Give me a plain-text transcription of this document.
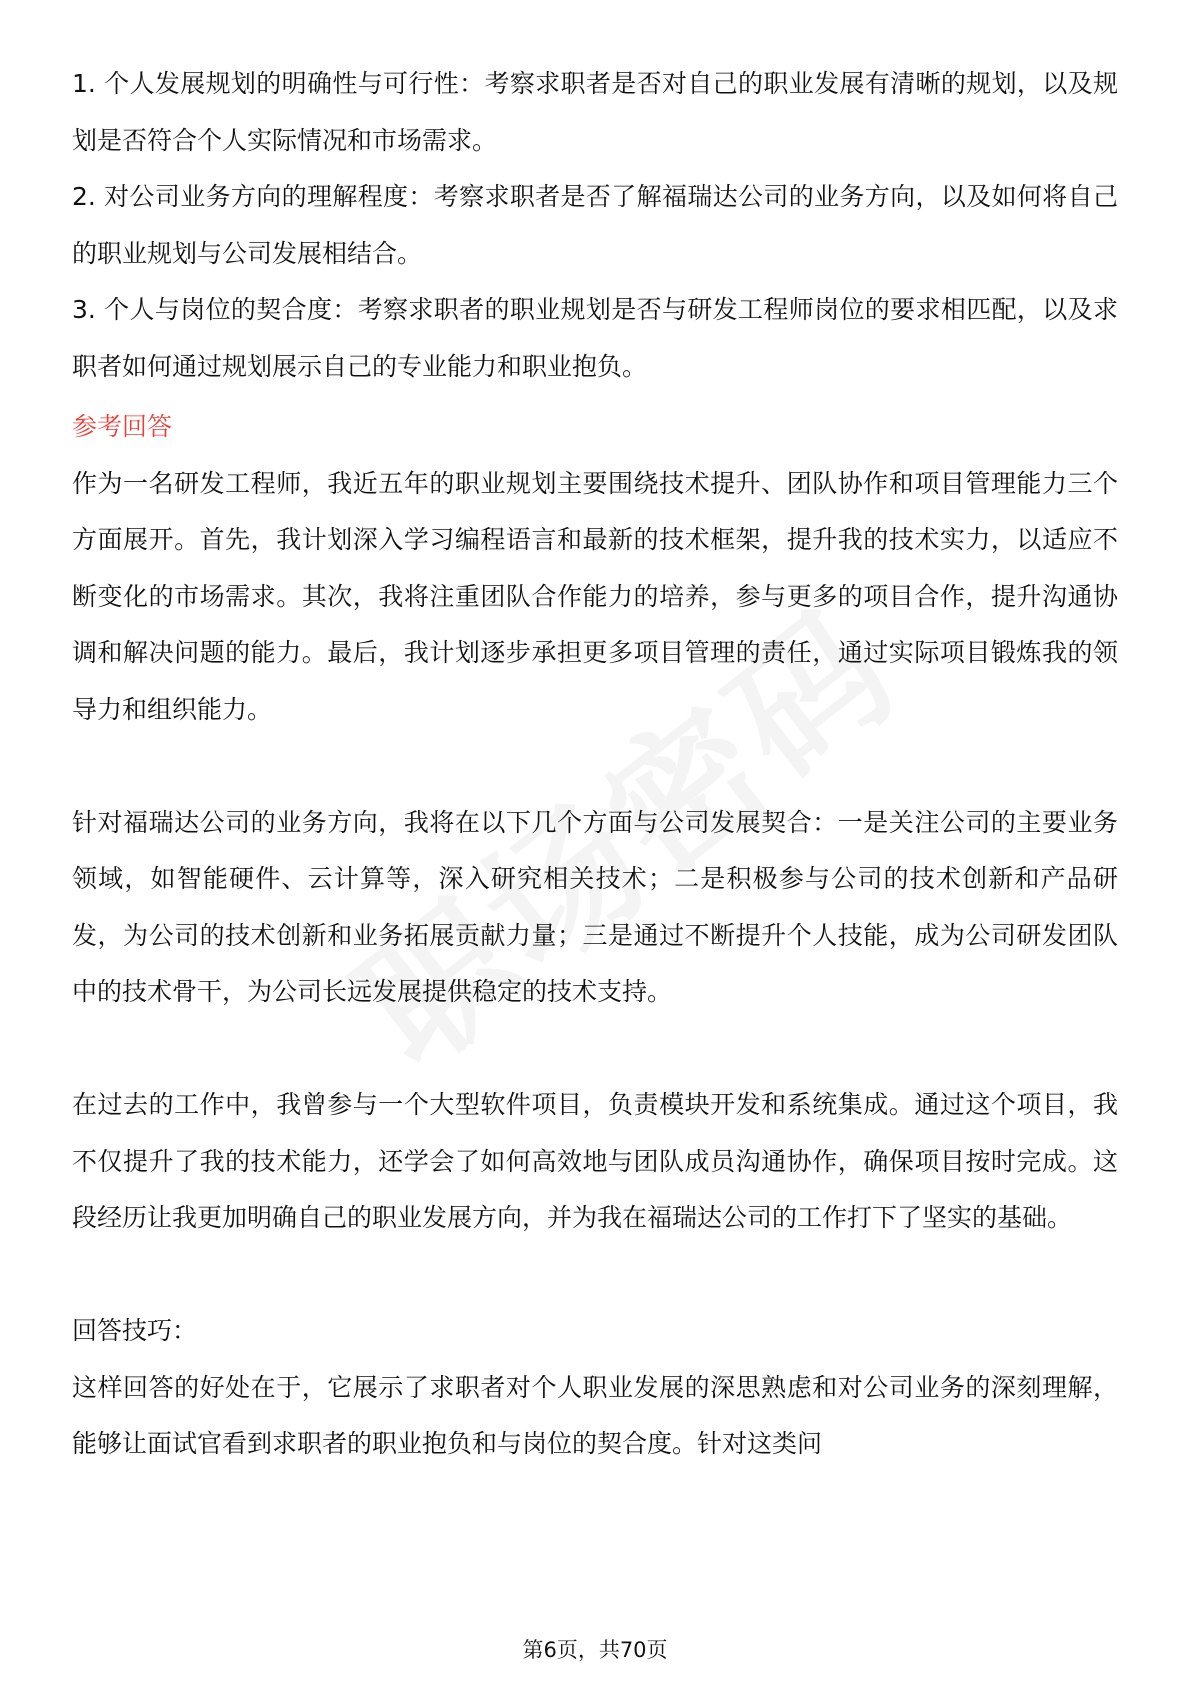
1. 个人发展规划的明确性与可行性：考察求职者是否对自己的职业发展有清晰的规划，以及规划是否符合个人实际情况和市场需求。

2. 对公司业务方向的理解程度：考察求职者是否了解福瑞达公司的业务方向，以及如何将自己的职业规划与公司发展相结合。

3. 个人与岗位的契合度：考察求职者的职业规划是否与研发工程师岗位的要求相匹配，以及求职者如何通过规划展示自己的专业能力和职业抱负。

参考回答

作为一名研发工程师，我近五年的职业规划主要围绕技术提升、团队协作和项目管理能力三个方面展开。首先，我计划深入学习编程语言和最新的技术框架，提升我的技术实力，以适应不断变化的市场需求。其次，我将注重团队合作能力的培养，参与更多的项目合作，提升沟通协调和解决问题的能力。最后，我计划逐步承担更多项目管理的责任，通过实际项目锻炼我的领导力和组织能力。

针对福瑞达公司的业务方向，我将在以下几个方面与公司发展契合：一是关注公司的主要业务领域，如智能硬件、云计算等，深入研究相关技术；二是积极参与公司的技术创新和产品研发，为公司的技术创新和业务拓展贡献力量；三是通过不断提升个人技能，成为公司研发团队中的技术骨干，为公司长远发展提供稳定的技术支持。

在过去的工作中，我曾参与一个大型软件项目，负责模块开发和系统集成。通过这个项目，我不仅提升了我的技术能力，还学会了如何高效地与团队成员沟通协作，确保项目按时完成。这段经历让我更加明确自己的职业发展方向，并为我在福瑞达公司的工作打下了坚实的基础。

回答技巧：

这样回答的好处在于，它展示了求职者对个人职业发展的深思熟虑和对公司业务的深刻理解，能够让面试官看到求职者的职业抱负和与岗位的契合度。针对这类问

第6页，共70页
